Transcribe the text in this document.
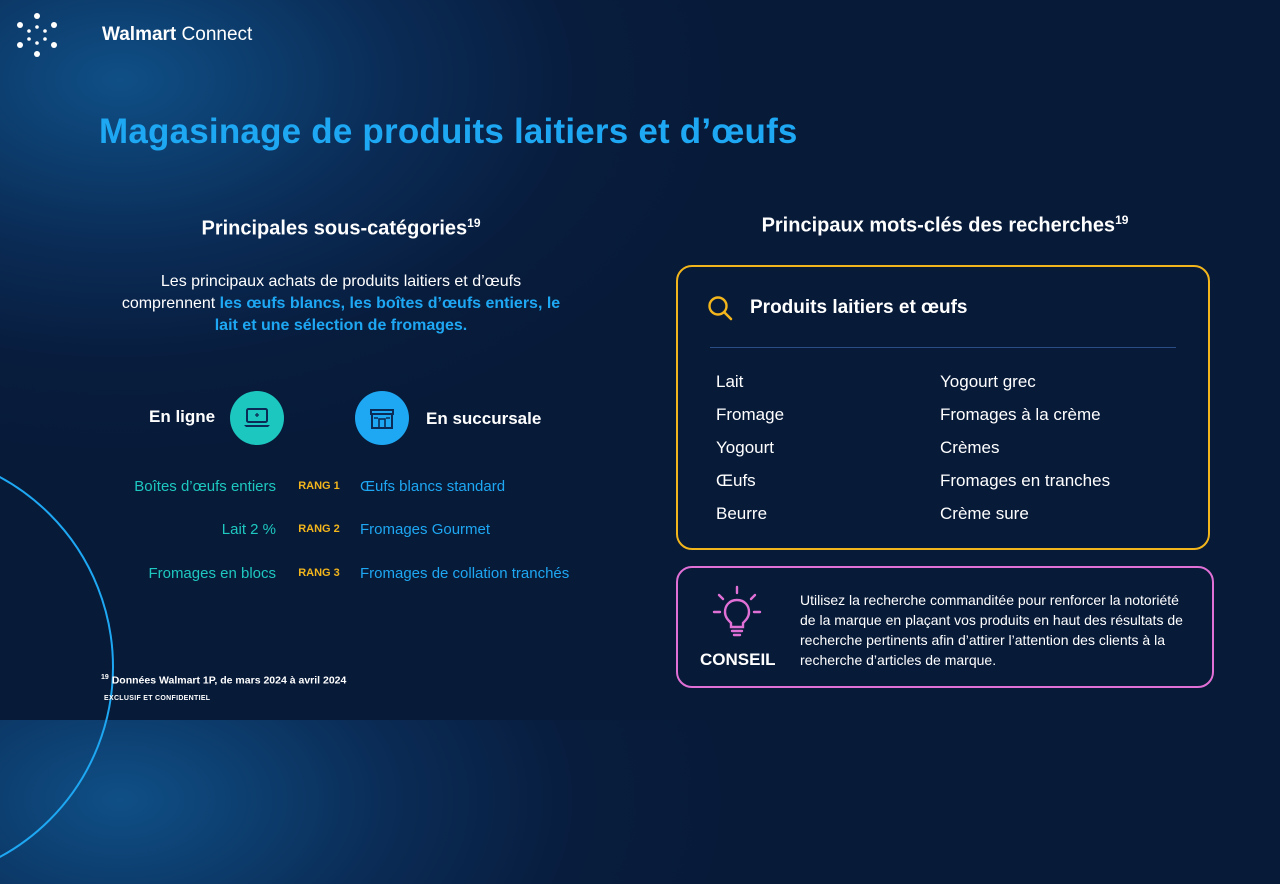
Walmart Connect
Magasinage de produits laitiers et d’œufs
Principales sous-catégories$^{19}$
Les principaux achats de produits laitiers et d’œufs comprennent les œufs blancs, les boîtes d’œufs entiers, le lait et une sélection de fromages.
En ligne	En succursale
Boîtes d’œufs entiers RANG 1 Œufs blancs standard
Lait 2 % RANG 2 Fromages Gourmet
Fromages en blocs RANG 3 Fromages de collation tranchés
Principaux mots-clés des recherches$^{19}$
Produits laitiers et œufs
Lait
Fromage
Yogourt
Œufs
Beurre
Yogourt grec
Fromages à la crème
Crèmes
Fromages en tranches
Crème sure
CONSEIL
Utilisez la recherche commanditée pour renforcer la notoriété de la marque en plaçant vos produits en haut des résultats de recherche pertinents afin d’attirer l’attention des clients à la recherche d’articles de marque.
$^{19}$ Données Walmart 1P, de mars 2024 à avril 2024
EXCLUSIF ET CONFIDENTIEL
